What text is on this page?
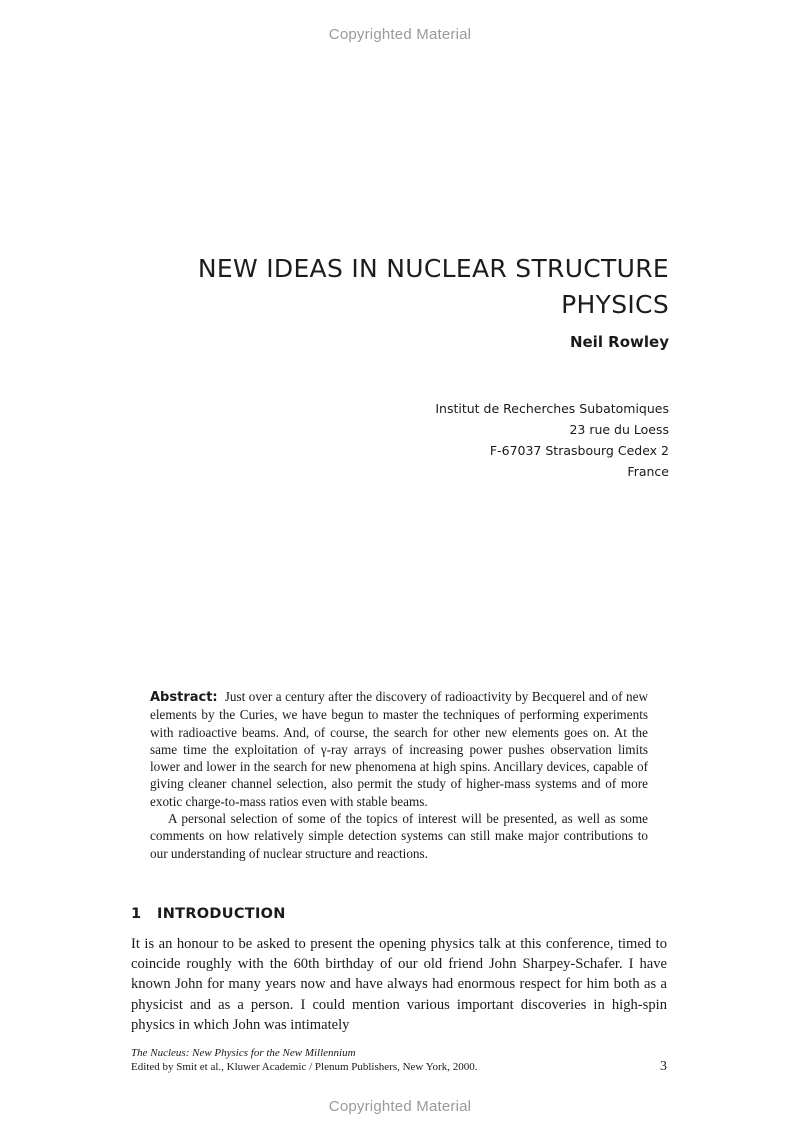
Copyrighted Material
NEW IDEAS IN NUCLEAR STRUCTURE
PHYSICS
Neil Rowley
Institut de Recherches Subatomiques
23 rue du Loess
F-67037 Strasbourg Cedex 2
France

Abstract: Just over a century after the discovery of radioactivity by Becquerel and of new elements by the Curies, we have begun to master the techniques of performing experiments with radioactive beams. And, of course, the search for other new elements goes on. At the same time the exploitation of γ-ray arrays of increasing power pushes observation limits lower and lower in the search for new phenomena at high spins. Ancillary devices, capable of giving cleaner channel selection, also permit the study of higher-mass systems and of more exotic charge-to-mass ratios even with stable beams.

A personal selection of some of the topics of interest will be presented, as well as some comments on how relatively simple detection systems can still make major contributions to our understanding of nuclear structure and reactions.

1 INTRODUCTION

It is an honour to be asked to present the opening physics talk at this conference, timed to coincide roughly with the 60th birthday of our old friend John Sharpey-Schafer. I have known John for many years now and have always had enormous respect for him both as a physicist and as a person. I could mention various important discoveries in high-spin physics in which John was intimately

The Nucleus: New Physics for the New Millennium
Edited by Smit et al., Kluwer Academic / Plenum Publishers, New York, 2000.	3
Copyrighted Material
